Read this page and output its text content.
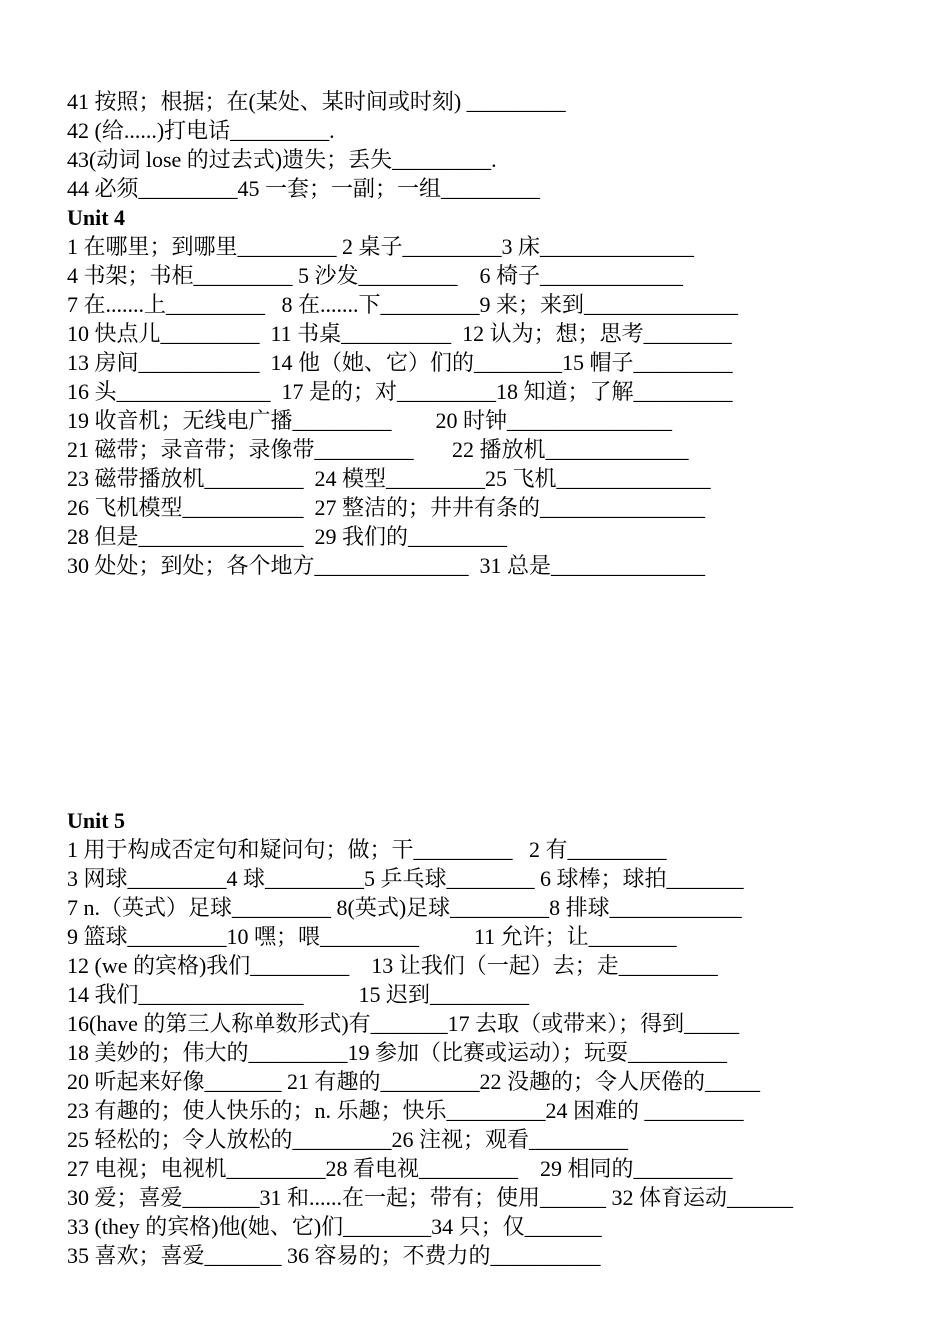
41 按照；根据；在(某处、某时间或时刻) _________
42 (给......)打电话_________.
43(动词 lose 的过去式)遗失；丢失_________.
44 必须_________45 一套；一副；一组_________
Unit 4
1 在哪里；到哪里_________ 2 桌子_________3 床______________
4 书架；书柜_________ 5 沙发_________    6 椅子_____________
7 在.......上_________   8 在.......下_________9 来；来到______________
10 快点儿_________  11 书桌__________  12 认为；想；思考________
13 房间___________  14 他（她、它）们的________15 帽子_________
16 头______________  17 是的；对_________18 知道；了解_________
19 收音机；无线电广播_________        20 时钟_______________
21 磁带；录音带；录像带_________       22 播放机_____________
23 磁带播放机_________  24 模型_________25 飞机______________
26 飞机模型___________  27 整洁的；井井有条的_______________
28 但是_______________  29 我们的_________
30 处处；到处；各个地方______________  31 总是______________
Unit 5
1 用于构成否定句和疑问句；做；干_________   2 有_________
3 网球_________4 球_________5 乒乓球________ 6 球棒；球拍_______
7 n.（英式）足球_________ 8(英式)足球_________8 排球____________
9 篮球_________10 嘿；喂_________          11 允许；让________
12 (we 的宾格)我们_________    13 让我们（一起）去；走_________
14 我们_______________          15 迟到_________
16(have 的第三人称单数形式)有_______17 去取（或带来）；得到_____
18 美妙的；伟大的_________19 参加（比赛或运动）；玩耍_________
20 听起来好像_______ 21 有趣的_________22 没趣的；令人厌倦的_____
23 有趣的；使人快乐的；n. 乐趣；快乐_________24 困难的 _________
25 轻松的；令人放松的_________26 注视；观看_________
27 电视；电视机_________28 看电视_________    29 相同的_________
30 爱；喜爱_______31 和......在一起；带有；使用______ 32 体育运动______
33 (they 的宾格)他(她、它)们________34 只；仅_______
35 喜欢；喜爱_______ 36 容易的；不费力的__________
